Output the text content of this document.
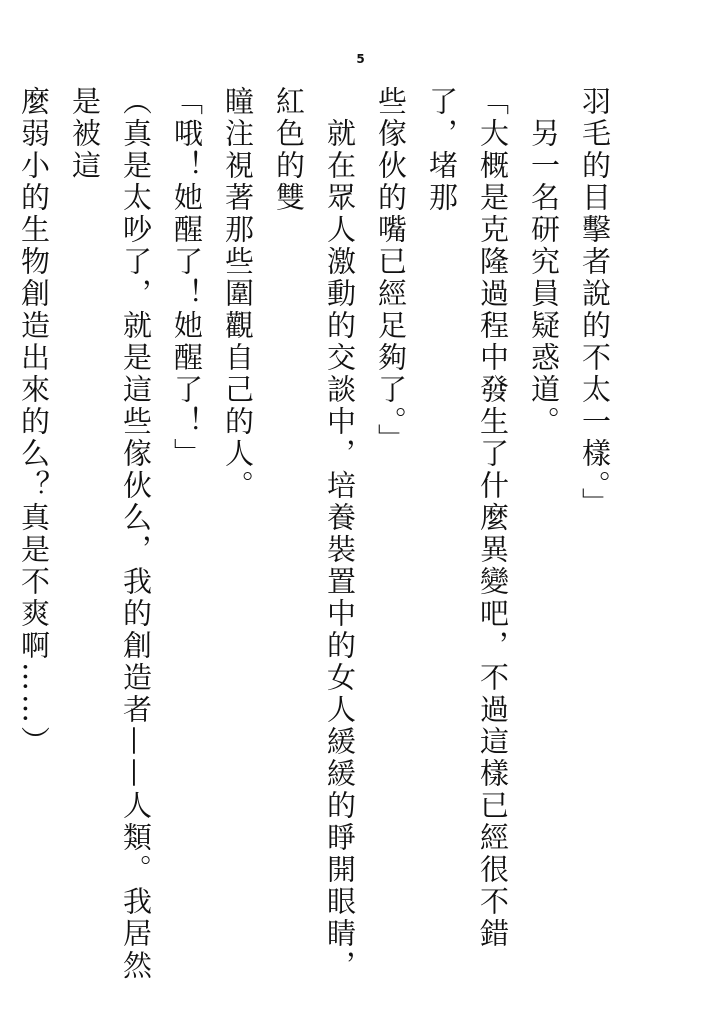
5

羽毛的目擊者說的不太一樣。」

　另一名研究員疑惑道。

「大概是克隆過程中發生了什麼異變吧，不過這樣已經很不錯了，堵那

些傢伙的嘴已經足夠了。」

　就在眾人激動的交談中，培養裝置中的女人緩緩的睜開眼睛，紅色的雙

瞳注視著那些圍觀自己的人。

「哦！她醒了！她醒了！」

（真是太吵了，就是這些傢伙么，我的創造者——人類。我居然是被這

麼弱小的生物創造出來的么？真是不爽啊……）
